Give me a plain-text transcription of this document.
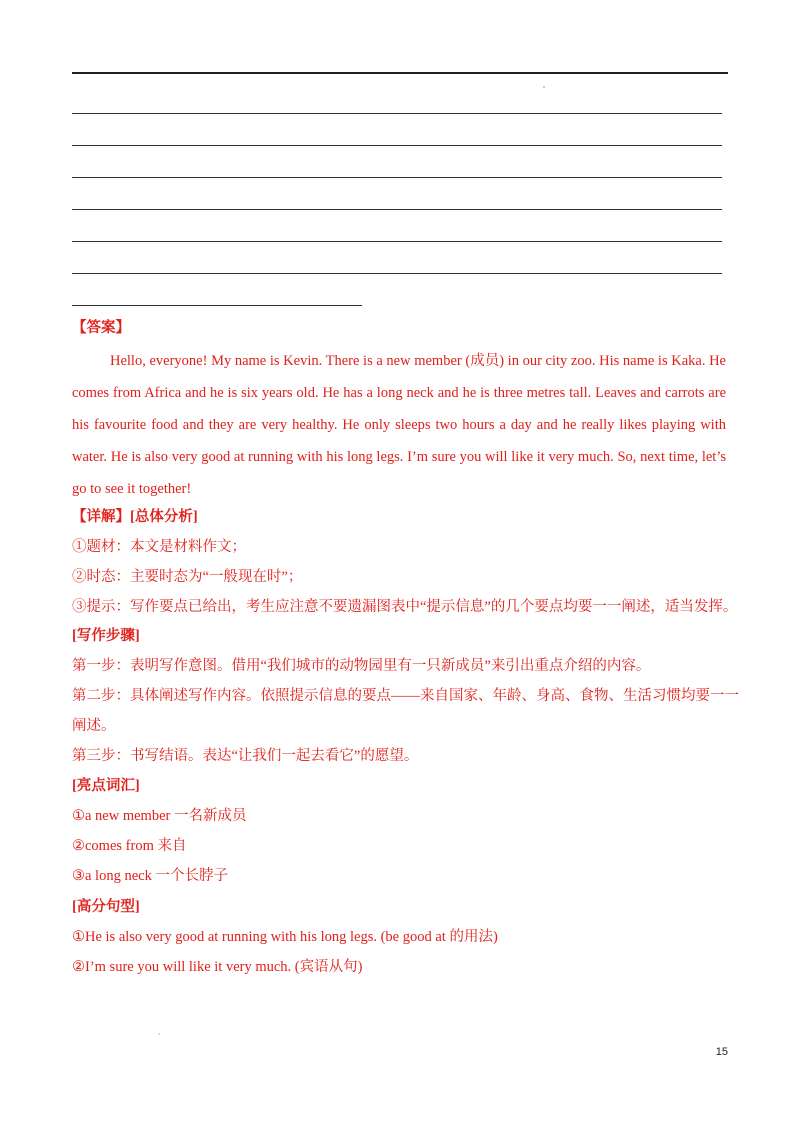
【答案】
Hello, everyone! My name is Kevin. There is a new member (成员) in our city zoo. His name is Kaka. He comes from Africa and he is six years old. He has a long neck and he is three metres tall. Leaves and carrots are his favourite food and they are very healthy. He only sleeps two hours a day and he really likes playing with water. He is also very good at running with his long legs. I’m sure you will like it very much. So, next time, let’s go to see it together!
【详解】[总体分析]
①题材：本文是材料作文；
②时态：主要时态为“一般现在时”；
③提示：写作要点已给出，考生应注意不要遗漏图表中“提示信息”的几个要点均要一一阐述，适当发挥。
[写作步骤]
第一步：表明写作意图。借用“我们城市的动物园里有一只新成员”来引出重点介绍的内容。
第二步：具体阐述写作内容。依照提示信息的要点——来自国家、年龄、身高、食物、生活习惯均要一一
阐述。
第三步：书写结语。表达“让我们一起去看它”的愿望。
[亮点词汇]
①a new member 一名新成员
②comes from 来自
③a long neck 一个长脖子
[高分句型]
①He is also very good at running with his long legs. (be good at 的用法)
②I’m sure you will like it very much. (宾语从句)
15
